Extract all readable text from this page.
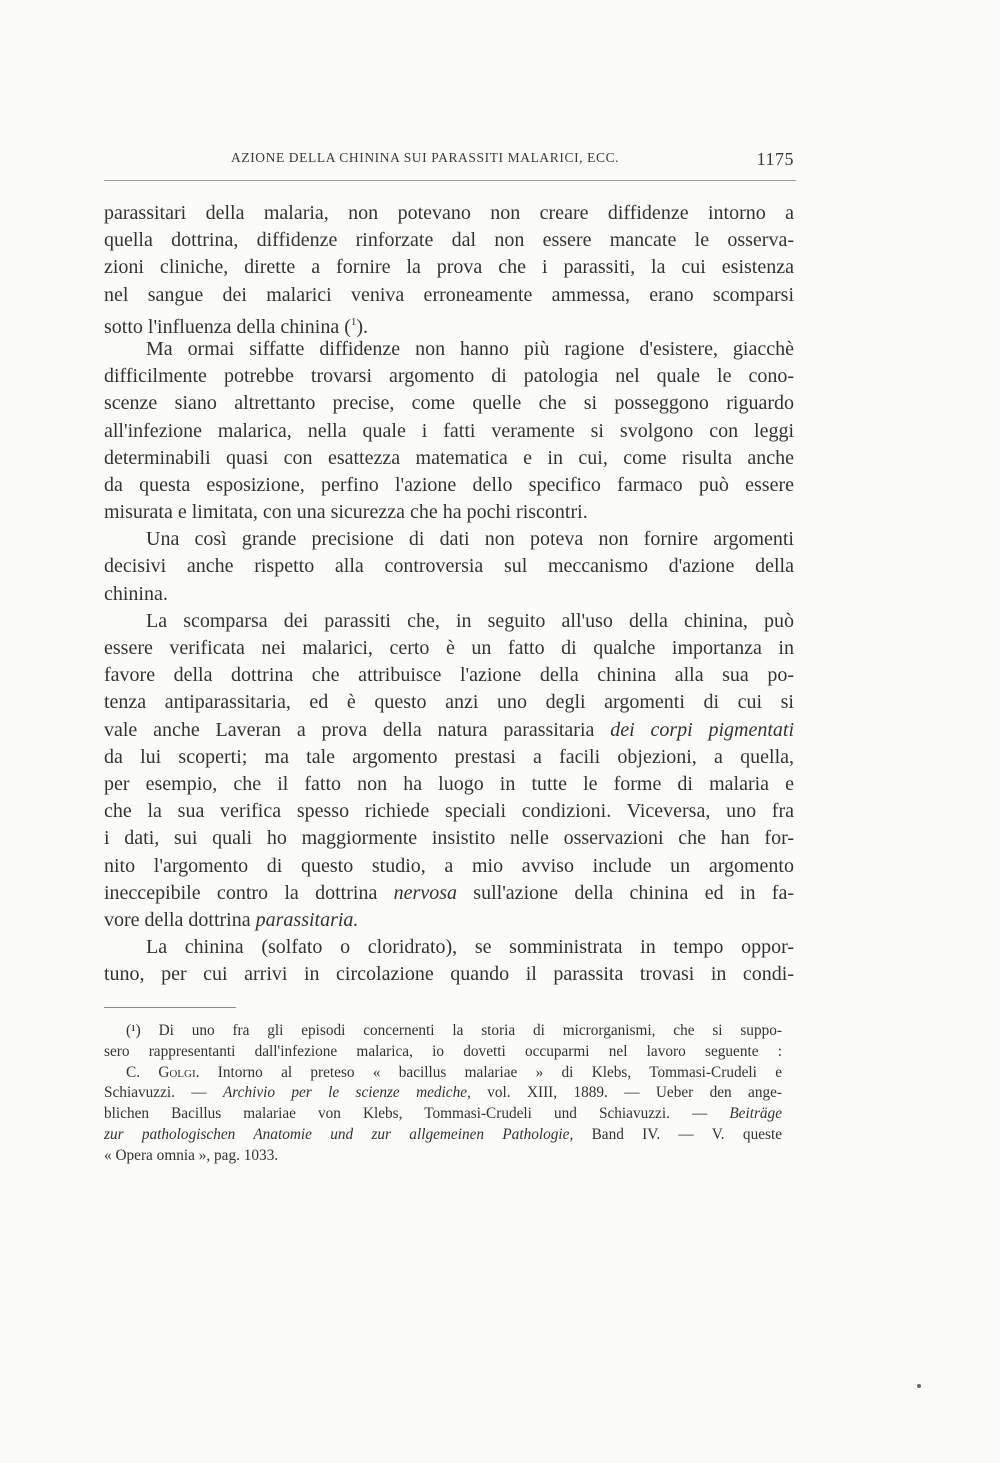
AZIONE DELLA CHININA SUI PARASSITI MALARICI, ECC.	1175
parassitari della malaria, non potevano non creare diffidenze intorno a
quella dottrina, diffidenze rinforzate dal non essere mancate le osserva-
zioni cliniche, dirette a fornire la prova che i parassiti, la cui esistenza
nel sangue dei malarici veniva erroneamente ammessa, erano scomparsi
sotto l'influenza della chinina ($^1$).
Ma ormai siffatte diffidenze non hanno più ragione d'esistere, giacchè
difficilmente potrebbe trovarsi argomento di patologia nel quale le cono-
scenze siano altrettanto precise, come quelle che si posseggono riguardo
all'infezione malarica, nella quale i fatti veramente si svolgono con leggi
determinabili quasi con esattezza matematica e in cui, come risulta anche
da questa esposizione, perfino l'azione dello specifico farmaco può essere
misurata e limitata, con una sicurezza che ha pochi riscontri.
Una così grande precisione di dati non poteva non fornire argomenti
decisivi anche rispetto alla controversia sul meccanismo d'azione della
chinina.
La scomparsa dei parassiti che, in seguito all'uso della chinina, può
essere verificata nei malarici, certo è un fatto di qualche importanza in
favore della dottrina che attribuisce l'azione della chinina alla sua po-
tenza antiparassitaria, ed è questo anzi uno degli argomenti di cui si
vale anche Laveran a prova della natura parassitaria dei corpi pigmentati
da lui scoperti; ma tale argomento prestasi a facili objezioni, a quella,
per esempio, che il fatto non ha luogo in tutte le forme di malaria e
che la sua verifica spesso richiede speciali condizioni. Viceversa, uno fra
i dati, sui quali ho maggiormente insistito nelle osservazioni che han for-
nito l'argomento di questo studio, a mio avviso include un argomento
ineccepibile contro la dottrina nervosa sull'azione della chinina ed in fa-
vore della dottrina parassitaria.
La chinina (solfato o cloridrato), se somministrata in tempo oppor-
tuno, per cui arrivi in circolazione quando il parassita trovasi in condi-
(¹) Di uno fra gli episodi concernenti la storia di microrganismi, che si suppo-
sero rappresentanti dall'infezione malarica, io dovetti occuparmi nel lavoro seguente :
C. Golgi. Intorno al preteso « bacillus malariae » di Klebs, Tommasi-Crudeli e
Schiavuzzi. — Archivio per le scienze mediche, vol. XIII, 1889. — Ueber den ange-
blichen Bacillus malariae von Klebs, Tommasi-Crudeli und Schiavuzzi. — Beiträge
zur pathologischen Anatomie und zur allgemeinen Pathologie, Band IV. — V. queste
« Opera omnia », pag. 1033.
